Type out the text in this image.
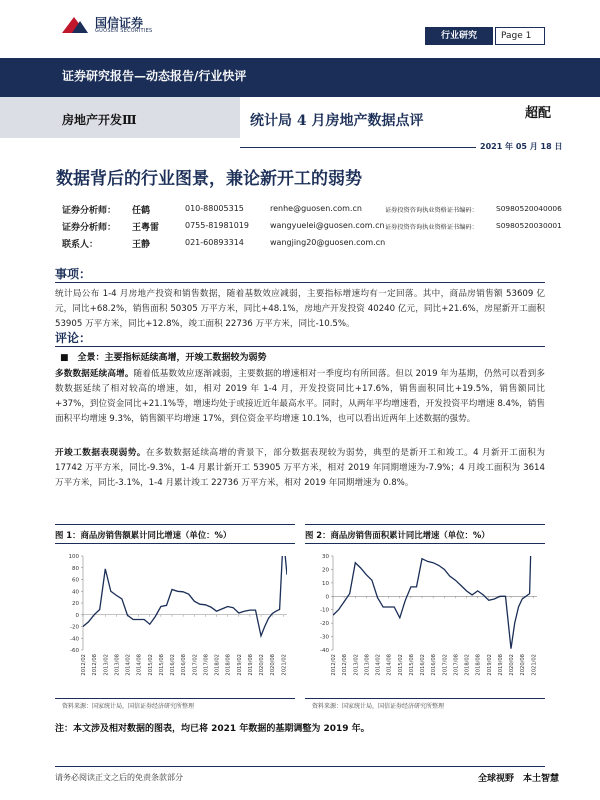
国信证券
GUOSEN SECURITIES	行业研究	Page 1
证券研究报告—动态报告/行业快评
房地产开发Ⅲ	统计局 4 月房地产数据点评	超配
2021 年 05 月 18 日
数据背后的行业图景，兼论新开工的弱势
证券分析师： 任鹤	010-88005315	renhe@guosen.com.cn	证券投资咨询执业资格证书编码： S0980520040006
证券分析师： 王粤雷	0755-81981019	wangyuelei@guosen.com.cn 证券投资咨询执业资格证书编码： S0980520030001
联系人：	王静	021-60893314	wangjing20@guosen.com.cn
事项：
统计局公布 1-4 月房地产投资和销售数据，随着基数效应减弱，主要指标增速均有一定回落。其中，商品房销售额 53609 亿元，同比+68.2%，销售面积 50305 万平方米，同比+48.1%，房地产开发投资 40240 亿元，同比+21.6%，房屋新开工面积 53905 万平方米，同比+12.8%，竣工面积 22736 万平方米，同比-10.5%。
评论：
■　全景：主要指标延续高增，开竣工数据较为弱势
多数数据延续高增。随着低基数效应逐渐减弱，主要数据的增速相对一季度均有所回落。但以 2019 年为基期，仍然可以看到多数数据延续了相对较高的增速，如，相对 2019 年 1-4 月，开发投资同比+17.6%，销售面积同比+19.5%，销售额同比+37%，到位资金同比+21.1%等，增速均处于或接近近年最高水平。同时，从两年平均增速看，开发投资平均增速 8.4%，销售面积平均增速 9.3%，销售额平均增速 17%，到位资金平均增速 10.1%，也可以看出近两年上述数据的强势。
开竣工数据表现弱势。在多数数据延续高增的背景下，部分数据表现较为弱势，典型的是新开工和竣工。4 月新开工面积为 17742 万平方米，同比-9.3%，1-4 月累计新开工 53905 万平方米，相对 2019 年同期增速为-7.9%；4 月竣工面积为 3614 万平方米，同比-3.1%，1-4 月累计竣工 22736 万平方米，相对 2019 年同期增速为 0.8%。
图 1：商品房销售额累计同比增速（单位：%）
-60
-40
-20
0
20
40
60
80
100
2012/02 2012/08 2013/02 2013/08 2014/02 2014/08 2015/02 2015/08 2016/02 2016/08 2017/02 2017/08 2018/02 2018/08 2019/02 2019/08 2020/02 2020/08 2021/02
资料来源：国家统计局，国信证券经济研究所整理
图 2：商品房销售面积累计同比增速（单位：%）
-40
-30
-20
-10
0
10
20
30
2012/02 2012/08 2013/02 2013/08 2014/02 2014/08 2015/02 2015/08 2016/02 2016/08 2017/02 2017/08 2018/02 2018/08 2019/02 2019/08 2020/02 2020/08 2021/02
资料来源：国家统计局，国信证券经济研究所整理
注：本文涉及相对数据的图表，均已将 2021 年数据的基期调整为 2019 年。
请务必阅读正文之后的免责条款部分	全球视野　本土智慧
